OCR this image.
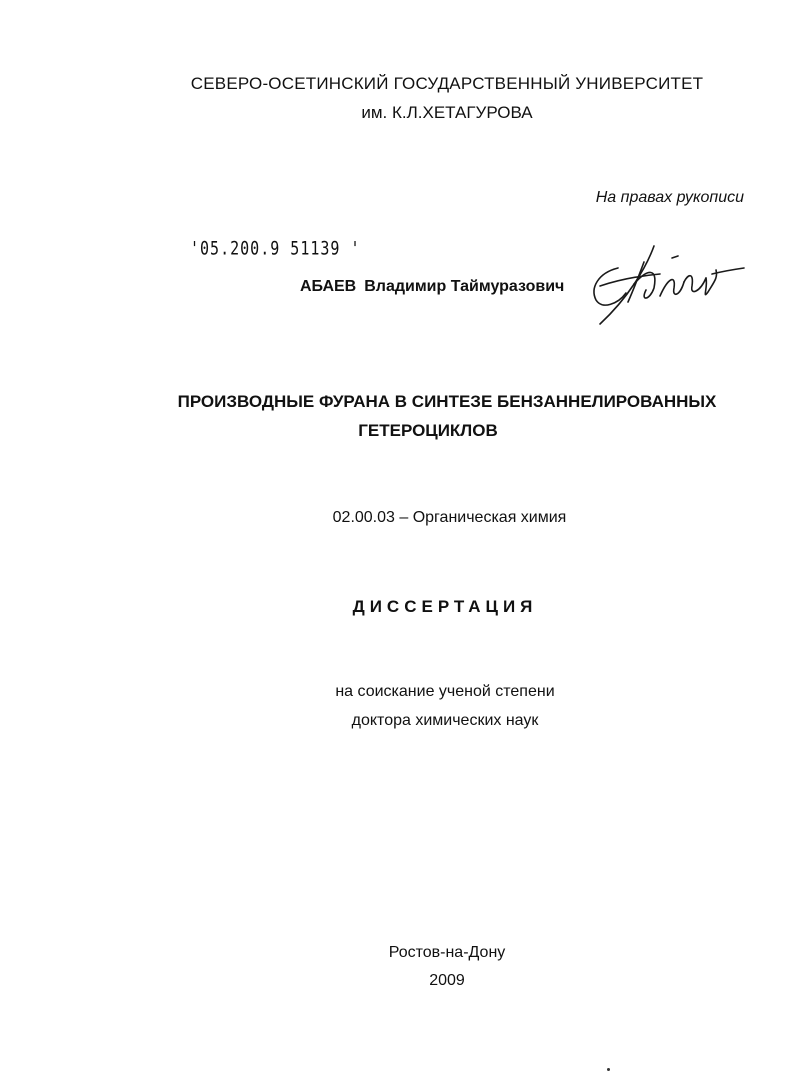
СЕВЕРО-ОСЕТИНСКИЙ ГОСУДАРСТВЕННЫЙ УНИВЕРСИТЕТ
им. К.Л.ХЕТАГУРОВА
На правах рукописи
'05.200.9 51139 '
АБАЕВ Владимир Таймуразович
ПРОИЗВОДНЫЕ ФУРАНА В СИНТЕЗЕ БЕНЗАННЕЛИРОВАННЫХ
ГЕТЕРОЦИКЛОВ
02.00.03 – Органическая химия
ДИССЕРТАЦИЯ
на соискание ученой степени
доктора химических наук
Ростов-на-Дону
2009
